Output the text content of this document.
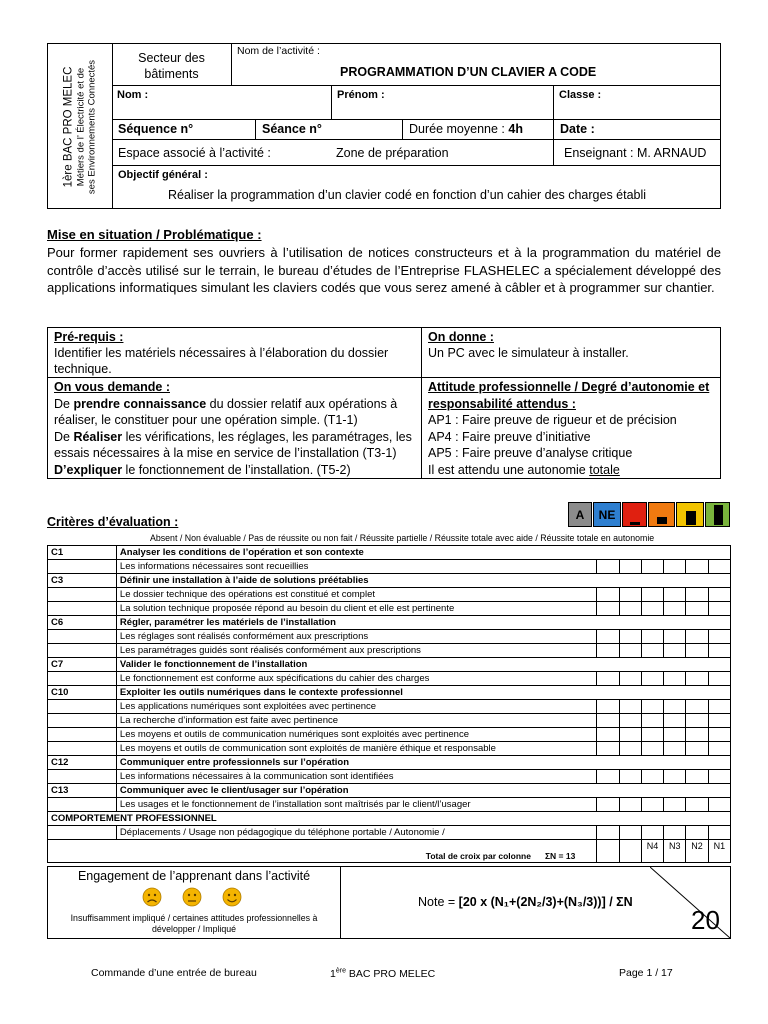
1ère BAC PRO MELEC Métiers de l’ Électricité et de ses Environnements Connectés
Secteur des bâtiments
Nom de l’activité :
PROGRAMMATION D’UN CLAVIER A CODE
Nom :	Prénom :	Classe :
Séquence n°	Séance n°	Durée moyenne : 4h	Date :
Espace associé à l’activité :	Zone de préparation	Enseignant : M. ARNAUD
Objectif général :
Réaliser la programmation d’un clavier codé en fonction d’un cahier des charges établi
Mise en situation / Problématique :
Pour former rapidement ses ouvriers à l’utilisation de notices constructeurs et à la programmation du matériel de contrôle d’accès utilisé sur le terrain, le bureau d’études de l’Entreprise FLASHELEC a spécialement développé des applications informatiques simulant les claviers codés que vous serez amené à câbler et à programmer sur chantier.
Pré-requis :
Identifier les matériels nécessaires à l’élaboration du dossier technique.
On donne :
Un PC avec le simulateur à installer.
On vous demande :
De prendre connaissance du dossier relatif aux opérations à réaliser, le constituer pour une opération simple. (T1-1)
De Réaliser les vérifications, les réglages, les paramétrages, les essais nécessaires à la mise en service de l’installation (T3-1)
D’expliquer le fonctionnement de l’installation. (T5-2)
Attitude professionnelle / Degré d’autonomie et responsabilité attendus :
AP1 : Faire preuve de rigueur et de précision
AP4 : Faire preuve d’initiative
AP5 : Faire preuve d’analyse critique
Il est attendu une autonomie totale
Critères d’évaluation :	A	NE
Absent / Non évaluable / Pas de réussite ou non fait / Réussite partielle / Réussite totale avec aide / Réussite totale en autonomie
C1	Analyser les conditions de l’opération et son contexte						
	Les informations nécessaires sont recueillies						
C3	Définir une installation à l’aide de solutions préétablies						
	Le dossier technique des opérations est constitué et complet						
	La solution technique proposée répond au besoin du client et elle est pertinente						
C6	Régler, paramétrer les matériels de l’installation						
	Les réglages sont réalisés conformément aux prescriptions						
	Les paramétrages guidés sont réalisés conformément aux prescriptions						
C7	Valider le fonctionnement de l’installation						
	Le fonctionnement est conforme aux spécifications du cahier des charges						
C10	Exploiter les outils numériques dans le contexte professionnel						
	Les applications numériques sont exploitées avec pertinence						
	La recherche d’information est faite avec pertinence						
	Les moyens et outils de communication numériques sont exploités avec pertinence						
	Les moyens et outils de communication sont exploités de manière éthique et responsable						
C12	Communiquer entre professionnels sur l’opération						
	Les informations nécessaires à la communication sont identifiées						
C13	Communiquer avec le client/usager sur l’opération						
	Les usages et le fonctionnement de l’installation sont maîtrisés par le client/l’usager						
COMPORTEMENT PROFESSIONNEL							
	Déplacements / Usage non pédagogique du téléphone portable / Autonomie /						
Total de croix par colonne ΣN = 13				N4	N3	N2	N1
Engagement de l’apprenant dans l’activité
Insuffisamment impliqué / certaines attitudes professionnelles à développer / Impliqué
Note = [20 x (N₁+(2N₂/3)+(N₃/3))] / ΣN
20
Commande d’une entrée de bureau	1ère BAC PRO MELEC	Page 1 / 17
